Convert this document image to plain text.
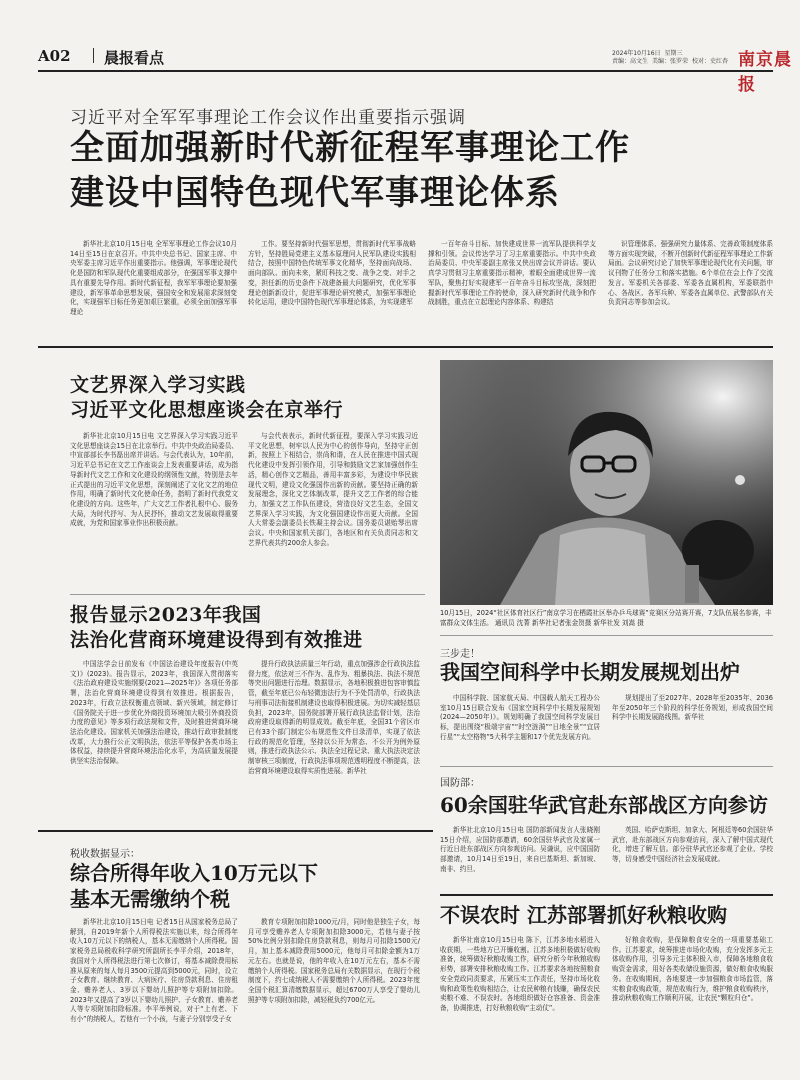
A02 晨报看点	2024年10月16日 星期三
责编：高文生 美编：张罗荣 校对：史红杏 南京晨报
习近平对全军军事理论工作会议作出重要指示强调
全面加强新时代新征程军事理论工作
建设中国特色现代军事理论体系
新华社北京10月15日电 全军军事理论工作会议10月14日至15日在京召开。中共中央总书记、国家主席、中央军委主席习近平作出重要指示。他强调，军事理论现代化是国防和军队现代化重要组成部分，在强国军事支撑中具有重要先导作用。新时代新征程，我军军事理论要加强建设，新军事革命思想发展，强国安全和发展需求深刻变化，实现强军目标任务更加艰巨繁重，必须全面加强军事理论
工作。要坚持新时代强军思想，贯彻新时代军事战略方针，坚持胜局党建主义基本原理问人民军队建设实践相结合，按照中国特色传统军事文化精华，坚持面向战场、面向部队、面向未来，紧盯科技之变、战争之变、对手之变，担任新的历史条件下战建备最大问题研究，优化军事理论创新新设计，促进军事理论研究模式，加强军事理论转化运用，建设中国特色现代军事理论体系，为实现建军
一百年奋斗目标、加快建成世界一流军队提供科学支撑和引领。会议传达学习了习主席重要指示。中共中央政治局委员、中央军委副主席张又侠出席会议并讲话。要认真学习贯彻习主席重要指示精神，着眼全面建成世界一流军队，聚焦打好实现建军一百年奋斗目标攻坚战，深刻把握新时代军事理论工作的使命，深入研究新时代战争和作战制胜，重点在立起理论内容体系、构建结
识管理体系、强强研究力量体系、完善政策制度体系等方面实现突破，不断开创新时代新征程军事理论工作新局面。会议研究讨论了加快军事理论现代化有关问题，审议刊物了任务分工和落实措施。6个单位在会上作了交流发言。军委机关各部委、军委各直属机构，军委联指中心、各战区、各军兵种、军委各直属单位、武警部队有关负责同志等参加会议。
文艺界深入学习实践
习近平文化思想座谈会在京举行
新华社北京10月15日电 文艺界深入学习实践习近平文化思想座谈会15日在北京举行。中共中央政治局委员、中宣部部长李书磊出席并讲话。与会代表认为，10年前，习近平总书记在文艺工作座谈会上发表重要讲话，成为指导新时代文艺工作和文化建设的纲领性文献，特别是去年正式提出的习近平文化思想，深刻阐述了文化文艺的地位作用，明确了新时代文化使命任务，指明了新时代我党文化建设的方向。这些年，广大文艺工作者扎根中心、服务大局，为时代抒写、为人民抒怀，推动文艺发展取得重要成就，为党和国家事业作出积极贡献。
与会代表表示，新时代新征程，要深入学习实践习近平文化思想，树牢以人民为中心的创作导向，坚持守正创新，按照上下相结合，崇尚和谐，在人民在推进中国式现代化建设中发挥引领作用，引导和鼓励文艺家加强创作生活，精心创作文艺精品，善用丰富多彩，为建设中华民族现代文明，建设文化强国作出新的贡献。要坚持正确的新发展理念，深化文艺体制改革，提升文艺工作者的综合能力，加强文艺工作队伍建设，营造良好文艺生态，全国文艺界深入学习实践，为文化强国建设作出更大贡献。全国人大常委会副委员长铁凝主持会议。国务委员谌贻琴出席会议。中央和国家机关部门，各地区和有关负责同志和文艺界代表共约200余人参会。
10月15日，2024“社区体育社区行”南京学习在栖霞社区举办乒乓球赛”竞赛区分站赛开赛，7支队伍展名参赛，丰富群众文体生活。 通讯员 沈菁 新华社记者张金贺摄 新华社发 刘嵩 摄
报告显示2023年我国
法治化营商环境建设得到有效推进
中国法学会日前发布《中国法治建设年度报告(中英文)》(2023)。报告显示，2023年，我国深入贯彻落实《法治政府建设实施纲要(2021—2025年)》各项任务部署，法治化营商环境建设得到有效推进。根据报告，2023年，行政立法权衡重点领域、新兴领域，制定修订《国务院关于进一步优化外商投资环境加大吸引外商投资力度的意见》等多项行政法规和文件，及时推进营商环境法治化建设。国家机关加强法治建设，推动行政审批制度改革，大力推行公正文明执法，依法平等保护各类市场主体权益，持续提升营商环境法治化水平，为高质量发展提供坚实法治保障。
提升行政执法质量三年行动，重点加强涉企行政执法监督力度，依法对三不作为、乱作为、粗暴执法、执法不规范等突出问题进行治理。数据显示，各地积极推进包容审慎监管，截至年底已公布轻微违法行为不予处罚清单，行政执法与刑事司法衔接机制建设也取得积极进展。为切实减轻基层负担，2023年，国务院部署开展行政执法监督计划，法治政府建设取得新的明显成效。截至年底，全国31个省区市已有33个部门制定公布规范性文件目录清单，实现了依法行政的规范化管理，坚持以公开为常态、不公开为例外原则，推进行政执法公示、执法全过程记录、重大执法决定法制审核三项制度，行政执法事项规范透明程度不断提高，法治营商环境建设取得实质性进展。新华社
三步走！
我国空间科学中长期发展规划出炉
中国科学院、国家航天局、中国载人航天工程办公室10月15日联合发布《国家空间科学中长期发展规划(2024—2050年)》。规划明确了我国空间科学发展目标，提出围绕“极端宇宙”“时空涟漪”“日地全景”“宜居行星”“太空格物”5大科学主题和17个优先发展方向。
规划提出了至2027年、2028年至2035年、2036年至2050年三个阶段的科学任务规划，形成我国空间科学中长期发展路线图。新华社
国防部：
60余国驻华武官赴东部战区方向参访
新华社北京10月15日电 国防部新闻发言人张晓刚15日介绍，应国防部邀请，60余国驻华武官及家属一行近日赴东部战区方向参观访问。吴谦说，应中国国防部邀请，10月14日至19日，来自巴基斯坦、新加坡、南非、约旦、
英国、哈萨克斯坦、加拿大、阿根廷等60余国驻华武官，赴东部战区方向参观访问，深入了解中国式现代化，增进了解互信。部分驻华武官还参观了企业、学校等，切身感受中国经济社会发展成就。
税收数据显示：
综合所得年收入10万元以下
基本无需缴纳个税
新华社北京10月15日电 记者15日从国家税务总局了解到，自2019年新个人所得税法实施以来，综合所得年收入10万元以下的纳税人，基本无需缴纳个人所得税。国家税务总局税收科学研究所副所长李平介绍，2018年，我国对个人所得税法进行第七次修订，将基本减除费用标准从原来的每人每月3500元提高到5000元，同时，设立子女教育、继续教育、大病医疗、住房贷款利息、住房租金、赡养老人、3岁以下婴幼儿照护等专项附加扣除。2023年又提高了3岁以下婴幼儿照护、子女教育、赡养老人等专项附加扣除标准。李平举例说，对于“上有老、下有小”的纳税人，若他有一个小孩，与妻子分别享受子女
教育专项附加扣除1000元/月，同时他是独生子女，每月可享受赡养老人专项附加扣除3000元，若他与妻子按50%比例分别扣除住房贷款利息，则每月可扣除1500元/月，加上基本减除费用5000元，他每月可扣除金额为1万元左右。也就是说，他的年收入在10万元左右，基本不需缴纳个人所得税。国家税务总局有关数据显示，在现行个税制度下，约七成纳税人不需要缴纳个人所得税。2023年度全国个税汇算清缴数据显示，超过6700万人享受了婴幼儿照护等专项附加扣除，减轻税负约700亿元。
不误农时 江苏部署抓好秋粮收购
新华社南京10月15日电 陈下，江苏多地水稻进入收获期，一些地方已开镰收割。江苏多地积极做好收购准备，统筹做好秋粮收购工作，研究分析今年秋粮收购形势，部署安排秋粮收购工作。江苏要求各地按照粮食安全党政同责要求，压紧压实工作责任，坚持市场化收购和政策性收购相结合，让农民种粮有钱赚，确保农民卖粮不难、不误农时。各地组织做好仓容准备、资金准备，协调推进，打好秋粮收购“主动仗”。
好粮食收购，是保障粮食安全的一项重要基础工作。江苏要求，统筹推进市场化收购，充分发挥多元主体收购作用，引导多元主体积极入市，保障各地粮食收购资金需求，用好各类收储设施资源，做好粮食收购服务。在收购期间，各地要进一步加强粮食市场监管，落实粮食收购政策，规范收购行为，维护粮食收购秩序，推动秋粮收购工作顺利开展，让农民“颗粒归仓”。
